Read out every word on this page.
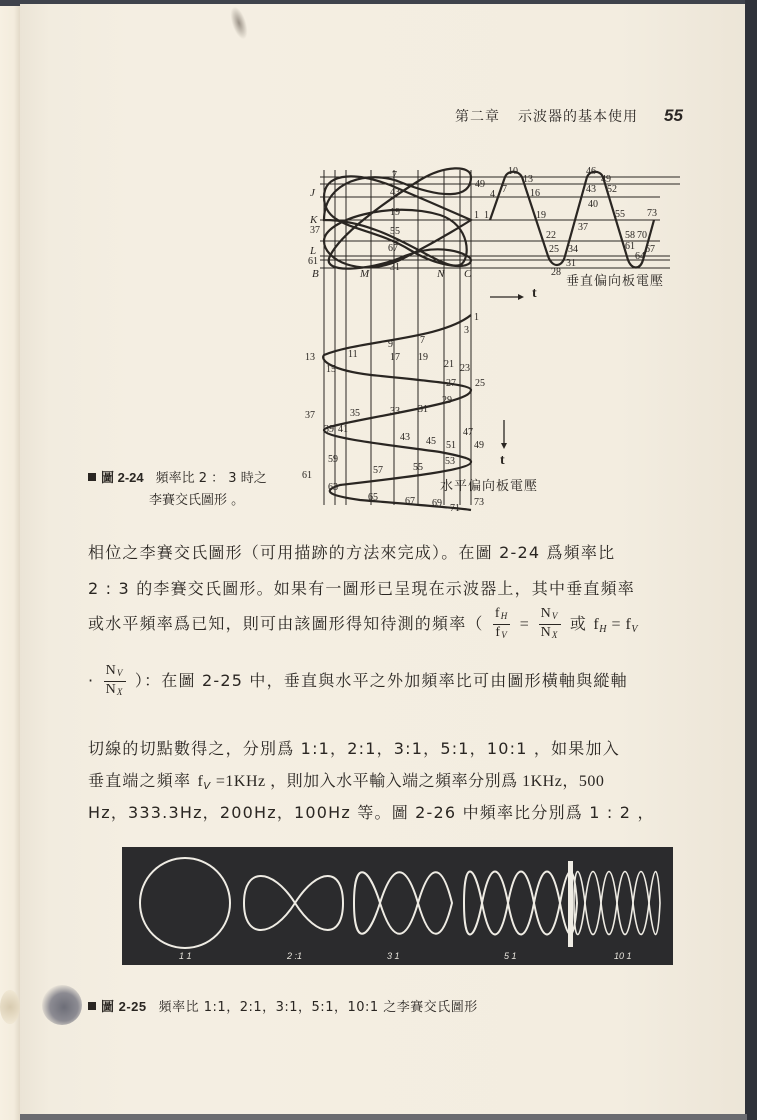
第二章 示波器的基本使用 55
J
K
37
L
61
B	M	N C
7
49
43
19	1
55
67
31
1
4 7
10
13
16
19
22
25
28
31
34
37
40
43
46
49
52
55
58
61
64
67
70
73
1
3
7
9
11
13
15
17 19
21 23
25
27
29
31
33
35
37
39 41
43 45
47
49
51
53
55
57
59
61
63
65	67 69 71
73
t
t
垂直偏向板電壓
水平偏向板電壓
圖 2-24 頻率比 2 ： 3 時之
李賽交氏圖形 。
相位之李賽交氏圖形（可用描跡的方法來完成）。在圖 2-24 爲頻率比
2 : 3 的李賽交氏圖形。如果有一圖形已呈現在示波器上，其中垂直頻率
或水平頻率爲已知，則可由該圖形得知待測的頻率（ $\frac{f_H}{f_V} = \frac{N_V}{N_X}$ 或 fH = fV
· $\frac{N_V}{N_X}$ ）：在圖 2-25 中，垂直與水平之外加頻率比可由圖形橫軸與縱軸
切線的切點數得之，分別爲 1:1，2:1，3:1，5:1，10:1 ，如果加入
垂直端之頻率 fV =1KHz ，則加入水平輸入端之頻率分別爲 1KHz，500
Hz，333.3Hz，200Hz，100Hz 等。圖 2-26 中頻率比分別爲 1 : 2 ，
1 1	2 :1	3 1	5 1	10 1
圖 2-25 頻率比 1:1，2:1，3:1，5:1，10:1 之李賽交氏圖形
